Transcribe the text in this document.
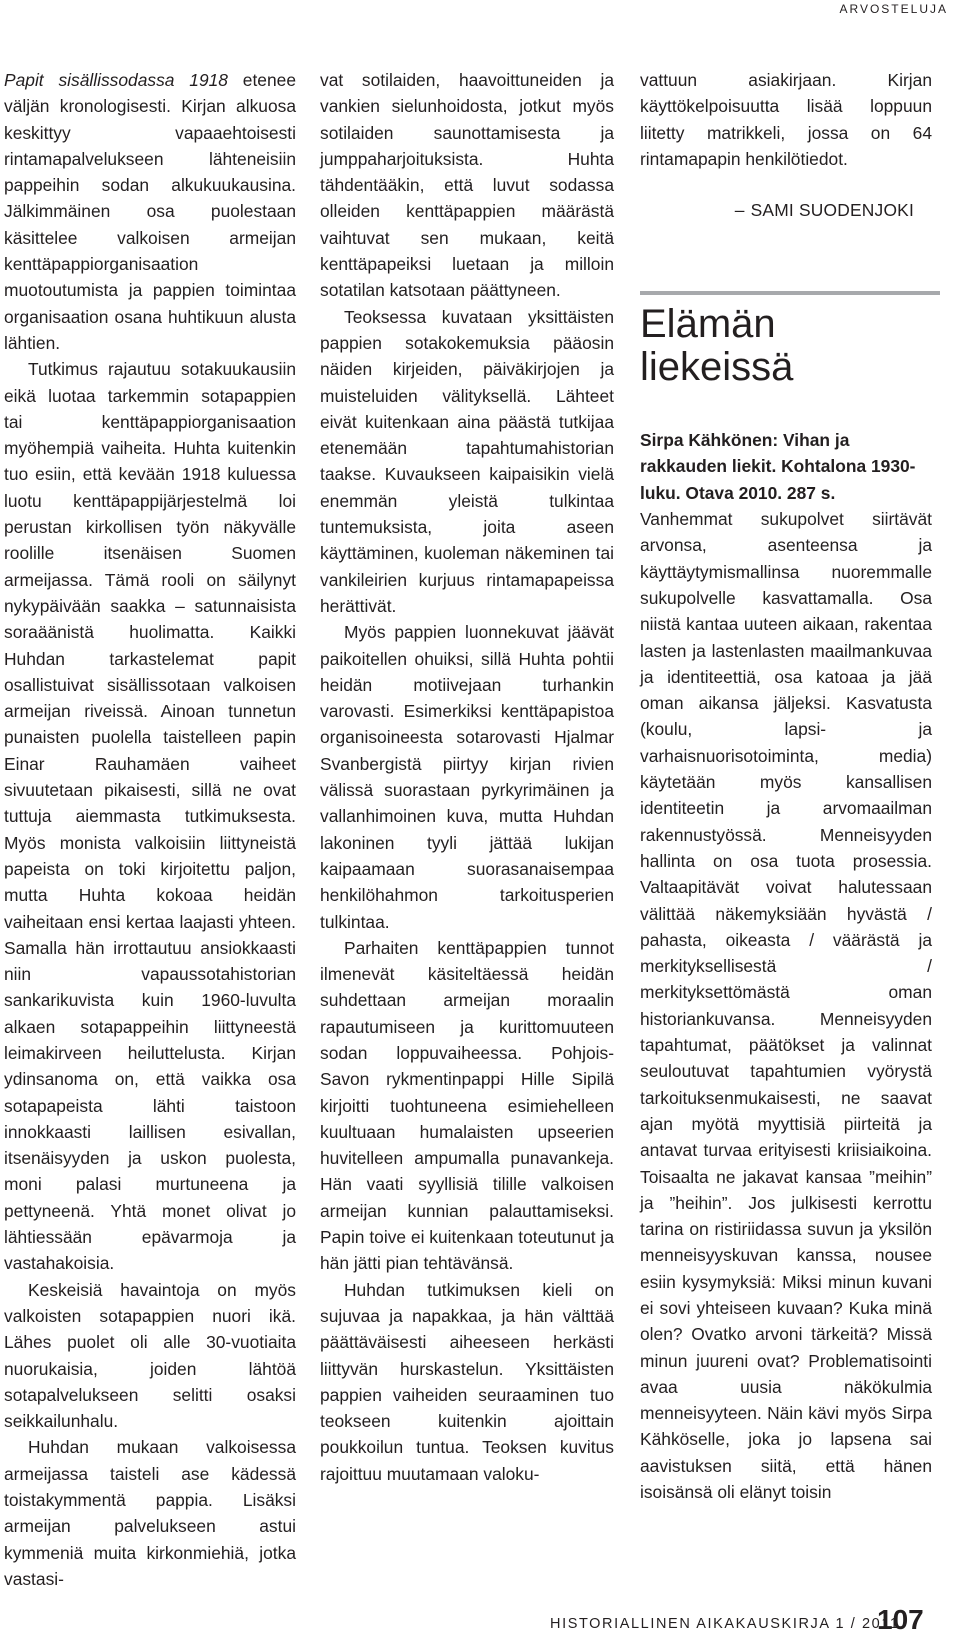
ARVOSTELUJA

Papit sisällissodassa 1918 etenee väljän kronologisesti. Kirjan alkuosa keskittyy vapaaehtoisesti rintamapalvelukseen lähteneisiin pappeihin sodan alkukuukausina. Jälkimmäinen osa puolestaan käsittelee valkoisen armeijan kenttäpappiorganisaation muotoutumista ja pappien toimintaa organisaation osana huhtikuun alusta lähtien.

Tutkimus rajautuu sotakuukausiin eikä luotaa tarkemmin sotapappien tai kenttäpappiorganisaation myöhempiä vaiheita. Huhta kuitenkin tuo esiin, että kevään 1918 kuluessa luotu kenttäpappijärjestelmä loi perustan kirkollisen työn näkyvälle roolille itsenäisen Suomen armeijassa. Tämä rooli on säilynyt nykypäivään saakka – satunnaisista soraäänistä huolimatta. Kaikki Huhdan tarkastelemat papit osallistuivat sisällissotaan valkoisen armeijan riveissä. Ainoan tunnetun punaisten puolella taistelleen papin Einar Rauhamäen vaiheet sivuutetaan pikaisesti, sillä ne ovat tuttuja aiemmasta tutkimuksesta. Myös monista valkoisiin liittyneistä papeista on toki kirjoitettu paljon, mutta Huhta kokoaa heidän vaiheitaan ensi kertaa laajasti yhteen. Samalla hän irrottautuu ansiokkaasti niin vapaussotahistorian sankarikuvista kuin 1960-luvulta alkaen sotapappeihin liittyneestä leimakirveen heiluttelusta. Kirjan ydinsanoma on, että vaikka osa sotapapeista lähti taistoon innokkaasti laillisen esivallan, itsenäisyyden ja uskon puolesta, moni palasi murtuneena ja pettyneenä. Yhtä monet olivat jo lähtiessään epävarmoja ja vastahakoisia.

Keskeisiä havaintoja on myös valkoisten sotapappien nuori ikä. Lähes puolet oli alle 30-vuotiaita nuorukaisia, joiden lähtöä sotapalvelukseen selitti osaksi seikkailunhalu.

Huhdan mukaan valkoisessa armeijassa taisteli ase kädessä toistakymmentä pappia. Lisäksi armeijan palvelukseen astui kymmeniä muita kirkonmiehiä, jotka vastasi-

vat sotilaiden, haavoittuneiden ja vankien sielunhoidosta, jotkut myös sotilaiden saunottamisesta ja jumppaharjoituksista. Huhta tähdentääkin, että luvut sodassa olleiden kenttäpappien määrästä vaihtuvat sen mukaan, keitä kenttäpapeiksi luetaan ja milloin sotatilan katsotaan päättyneen.

Teoksessa kuvataan yksittäisten pappien sotakokemuksia pääosin näiden kirjeiden, päiväkirjojen ja muisteluiden välityksellä. Lähteet eivät kuitenkaan aina päästä tutkijaa etenemään tapahtumahistorian taakse. Kuvaukseen kaipaisikin vielä enemmän yleistä tulkintaa tuntemuksista, joita aseen käyttäminen, kuoleman näkeminen tai vankileirien kurjuus rintamapapeissa herättivät.

Myös pappien luonnekuvat jäävät paikoitellen ohuiksi, sillä Huhta pohtii heidän motiivejaan turhankin varovasti. Esimerkiksi kenttäpapistoa organisoineesta sotarovasti Hjalmar Svanbergistä piirtyy kirjan rivien välissä suorastaan pyrkyrimäinen ja vallanhimoinen kuva, mutta Huhdan lakoninen tyyli jättää lukijan kaipaamaan suorasanaisempaa henkilöhahmon tarkoitusperien tulkintaa.

Parhaiten kenttäpappien tunnot ilmenevät käsiteltäessä heidän suhdettaan armeijan moraalin rapautumiseen ja kurittomuuteen sodan loppuvaiheessa. Pohjois-Savon rykmentinpappi Hille Sipilä kirjoitti tuohtuneena esimiehelleen kuultuaan humalaisten upseerien huvitelleen ampumalla punavankeja. Hän vaati syyllisiä tilille valkoisen armeijan kunnian palauttamiseksi. Papin toive ei kuitenkaan toteutunut ja hän jätti pian tehtävänsä.

Huhdan tutkimuksen kieli on sujuvaa ja napakkaa, ja hän välttää päättäväisesti aiheeseen herkästi liittyvän hurskastelun. Yksittäisten pappien vaiheiden seuraaminen tuo teokseen kuitenkin ajoittain poukkoilun tuntua. Teoksen kuvitus rajoittuu muutamaan valoku-

vattuun asiakirjaan. Kirjan käyttökelpoisuutta lisää loppuun liitetty matrikkeli, jossa on 64 rintamapapin henkilötiedot.

– SAMI SUODENJOKI
Elämän liekeissä

Sirpa Kähkönen: Vihan ja rakkauden liekit. Kohtalona 1930-luku. Otava 2010. 287 s.

Vanhemmat sukupolvet siirtävät arvonsa, asenteensa ja käyttäytymismallinsa nuoremmalle sukupolvelle kasvattamalla. Osa niistä kantaa uuteen aikaan, rakentaa lasten ja lastenlasten maailmankuvaa ja identiteettiä, osa katoaa ja jää oman aikansa jäljeksi. Kasvatusta (koulu, lapsi- ja varhaisnuorisotoiminta, media) käytetään myös kansallisen identiteetin ja arvomaailman rakennustyössä. Menneisyyden hallinta on osa tuota prosessia. Valtaapitävät voivat halutessaan välittää näkemyksiään hyvästä / pahasta, oikeasta / väärästä ja merkityksellisestä / merkityksettömästä oman historiankuvansa. Menneisyyden tapahtumat, päätökset ja valinnat seuloutuvat tapahtumien vyörystä tarkoituksenmukaisesti, ne saavat ajan myötä myyttisiä piirteitä ja antavat turvaa erityisesti kriisiaikoina. Toisaalta ne jakavat kansaa ”meihin” ja ”heihin”. Jos julkisesti kerrottu tarina on ristiriidassa suvun ja yksilön menneisyyskuvan kanssa, nousee esiin kysymyksiä: Miksi minun kuvani ei sovi yhteiseen kuvaan? Kuka minä olen? Ovatko arvoni tärkeitä? Missä minun juureni ovat? Problematisointi avaa uusia näkökulmia menneisyyteen. Näin kävi myös Sirpa Kähköselle, joka jo lapsena sai aavistuksen siitä, että hänen isoisänsä oli elänyt toisin

HISTORIALLINEN AIKAKAUSKIRJA 1 / 2011
107
